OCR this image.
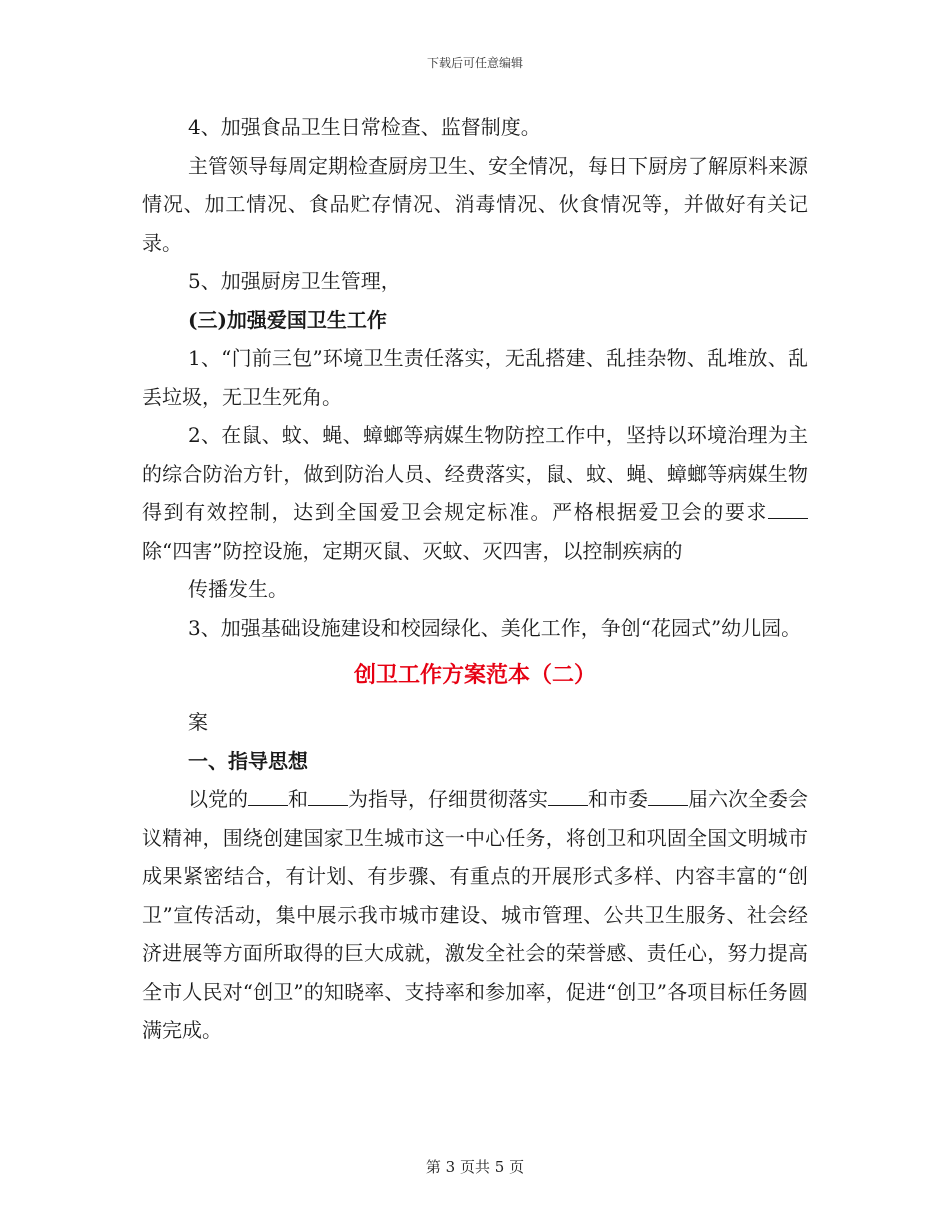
下载后可任意编辑

4、加强食品卫生日常检查、监督制度。

主管领导每周定期检查厨房卫生、安全情况，每日下厨房了解原料来源情况、加工情况、食品贮存情况、消毒情况、伙食情况等，并做好有关记录。

5、加强厨房卫生管理，

(三)加强爱国卫生工作

1、“门前三包”环境卫生责任落实，无乱搭建、乱挂杂物、乱堆放、乱丢垃圾，无卫生死角。

2、在鼠、蚊、蝇、蟑螂等病媒生物防控工作中，坚持以环境治理为主的综合防治方针，做到防治人员、经费落实，鼠、蚊、蝇、蟑螂等病媒生物得到有效控制，达到全国爱卫会规定标准。严格根据爱卫会的要求除“四害”防控设施，定期灭鼠、灭蚊、灭四害，以控制疾病的

传播发生。

3、加强基础设施建设和校园绿化、美化工作，争创“花园式”幼儿园。

创卫工作方案范本（二）

案

一、指导思想

以党的 和 为指导，仔细贯彻落实 和市委 届六次全委会议精神，围绕创建国家卫生城市这一中心任务，将创卫和巩固全国文明城市成果紧密结合，有计划、有步骤、有重点的开展形式多样、内容丰富的“创卫”宣传活动，集中展示我市城市建设、城市管理、公共卫生服务、社会经济进展等方面所取得的巨大成就，激发全社会的荣誉感、责任心，努力提高全市人民对“创卫”的知晓率、支持率和参加率，促进“创卫”各项目标任务圆满完成。

第 3 页共 5 页
